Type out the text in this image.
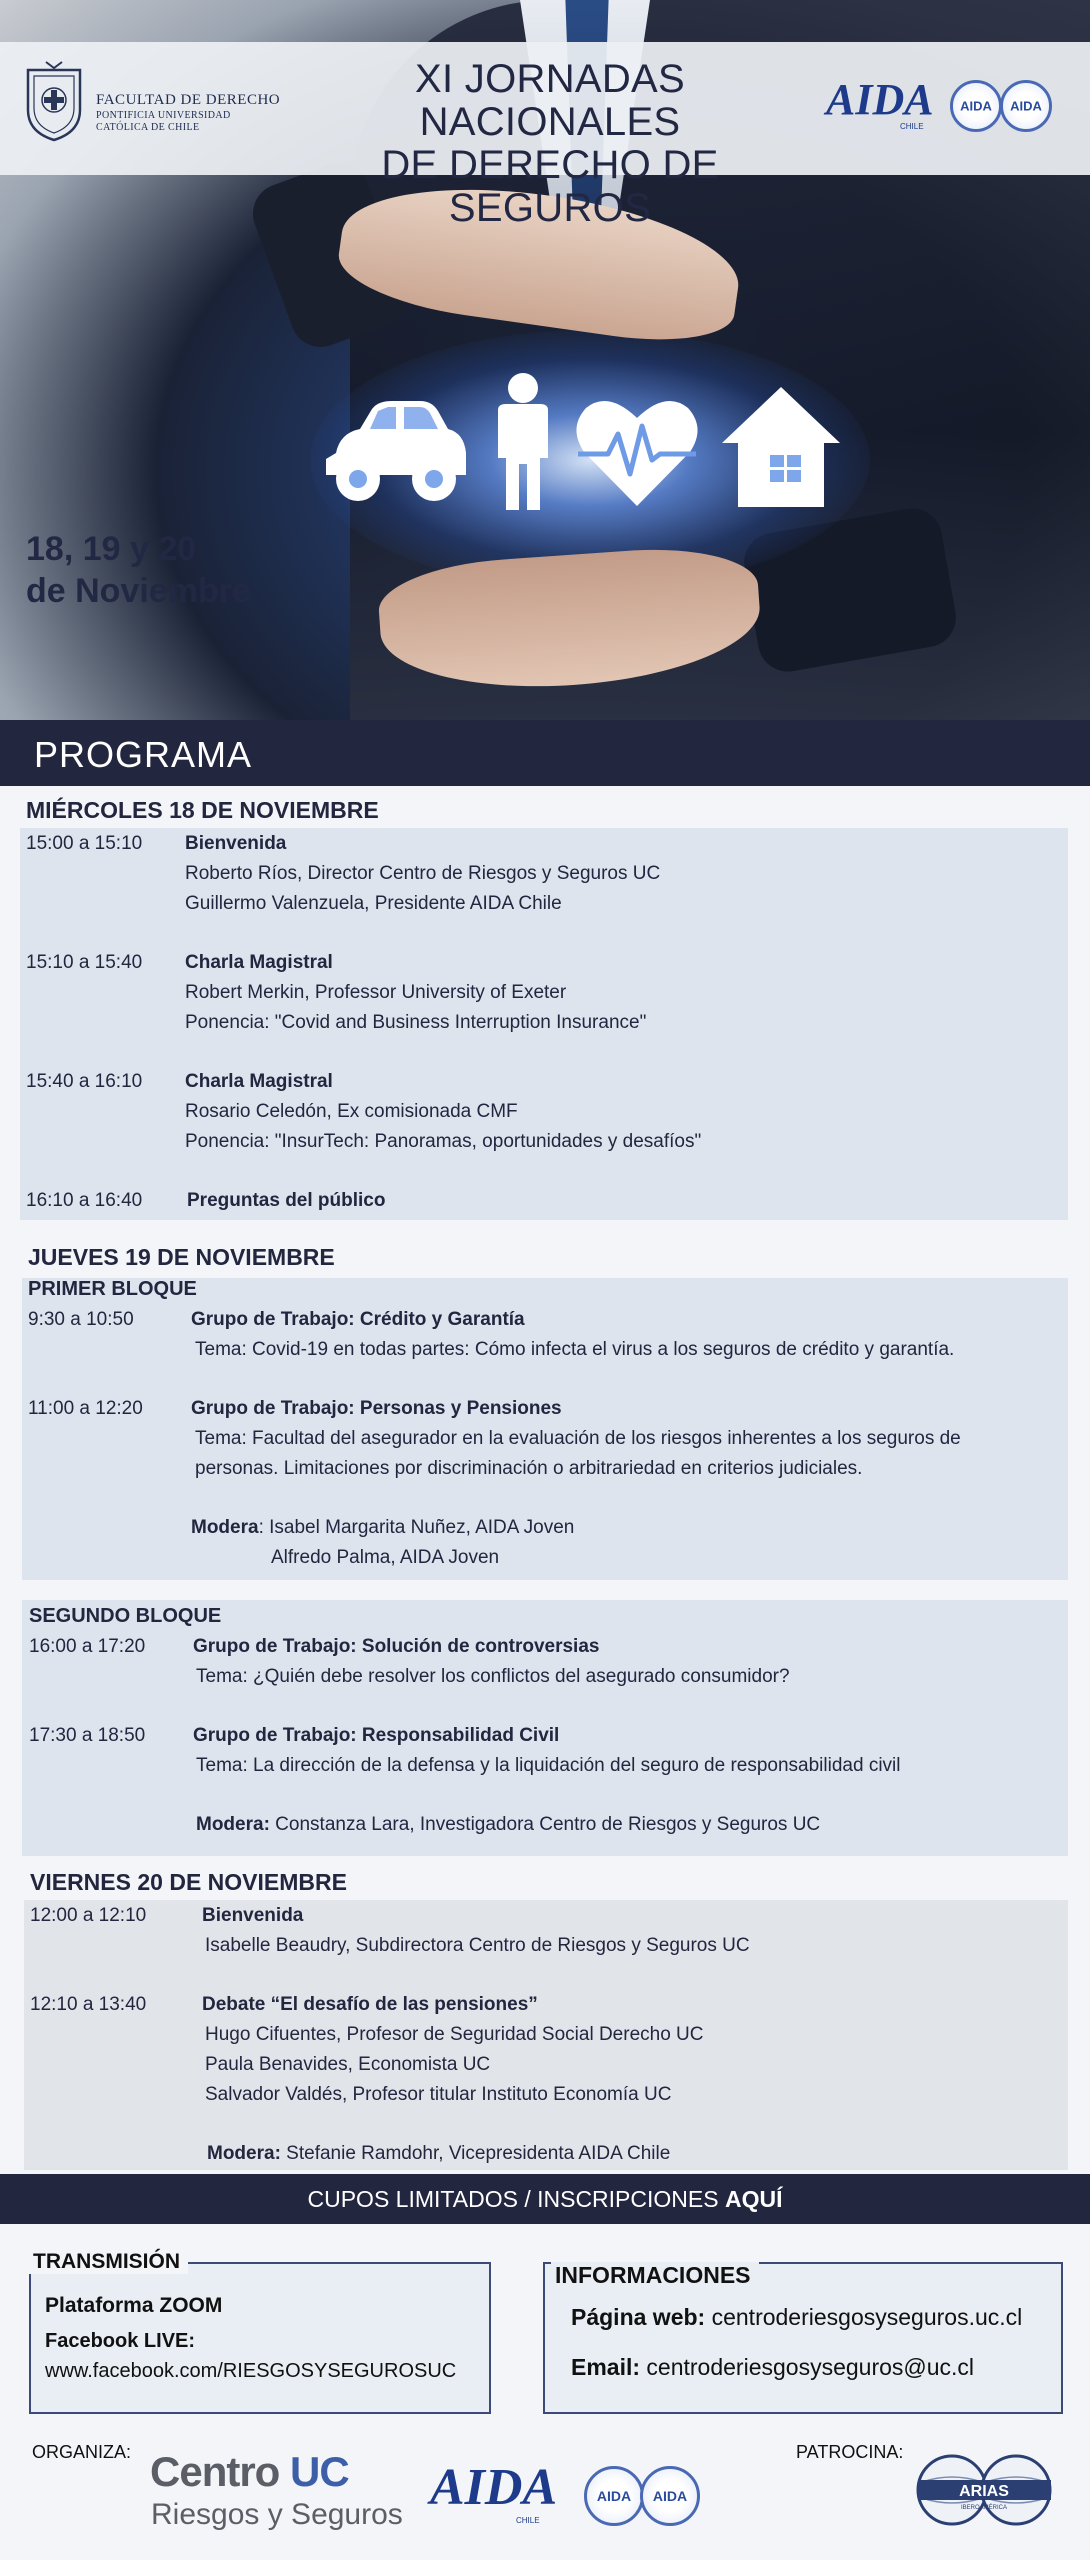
18, 19 y 20
de Noviembre
FACULTAD DE DERECHO
PONTIFICIA UNIVERSIDAD
CATÓLICA DE CHILE
XI JORNADAS NACIONALES
DE DERECHO DE SEGUROS
AIDA
CHILE
AIDA	AIDA
PROGRAMA
MIÉRCOLES 18 DE NOVIEMBRE
15:00 a 15:10 Bienvenida
Roberto Ríos, Director Centro de Riesgos y Seguros UC
Guillermo Valenzuela, Presidente AIDA Chile
15:10 a 15:40 Charla Magistral
Robert Merkin, Professor University of Exeter
Ponencia: "Covid and Business Interruption Insurance"
15:40 a 16:10 Charla Magistral
Rosario Celedón, Ex comisionada CMF
Ponencia: "InsurTech: Panoramas, oportunidades y desafíos"
16:10 a 16:40 Preguntas del público
JUEVES 19 DE NOVIEMBRE
PRIMER BLOQUE
9:30 a 10:50	Grupo de Trabajo: Crédito y Garantía
Tema: Covid-19 en todas partes: Cómo infecta el virus a los seguros de crédito y garantía.
11:00 a 12:20	Grupo de Trabajo: Personas y Pensiones
Tema: Facultad del asegurador en la evaluación de los riesgos inherentes a los seguros de
personas. Limitaciones por discriminación o arbitrariedad en criterios judiciales.
Modera: Isabel Margarita Nuñez, AIDA Joven
Alfredo Palma, AIDA Joven
SEGUNDO BLOQUE
16:00 a 17:20	Grupo de Trabajo: Solución de controversias
Tema: ¿Quién debe resolver los conflictos del asegurado consumidor?
17:30 a 18:50	Grupo de Trabajo: Responsabilidad Civil
Tema: La dirección de la defensa y la liquidación del seguro de responsabilidad civil
Modera: Constanza Lara, Investigadora Centro de Riesgos y Seguros UC
VIERNES 20 DE NOVIEMBRE
12:00 a 12:10	Bienvenida
Isabelle Beaudry, Subdirectora Centro de Riesgos y Seguros UC
12:10 a 13:40	Debate “El desafío de las pensiones”
Hugo Cifuentes, Profesor de Seguridad Social Derecho UC
Paula Benavides, Economista UC
Salvador Valdés, Profesor titular Instituto Economía UC
Modera: Stefanie Ramdohr, Vicepresidenta AIDA Chile
CUPOS LIMITADOS / INSCRIPCIONES AQUÍ
TRANSMISIÓN
Plataforma ZOOM
Facebook LIVE:
www.facebook.com/RIESGOSYSEGUROSUC
INFORMACIONES
Página web: centroderiesgosyseguros.uc.cl
Email: centroderiesgosyseguros@uc.cl
ORGANIZA: Centro UC
Riesgos y Seguros AIDA
CHILE
AIDA	AIDA
PATROCINA:
ARIAS
IBEROAMÉRICA
